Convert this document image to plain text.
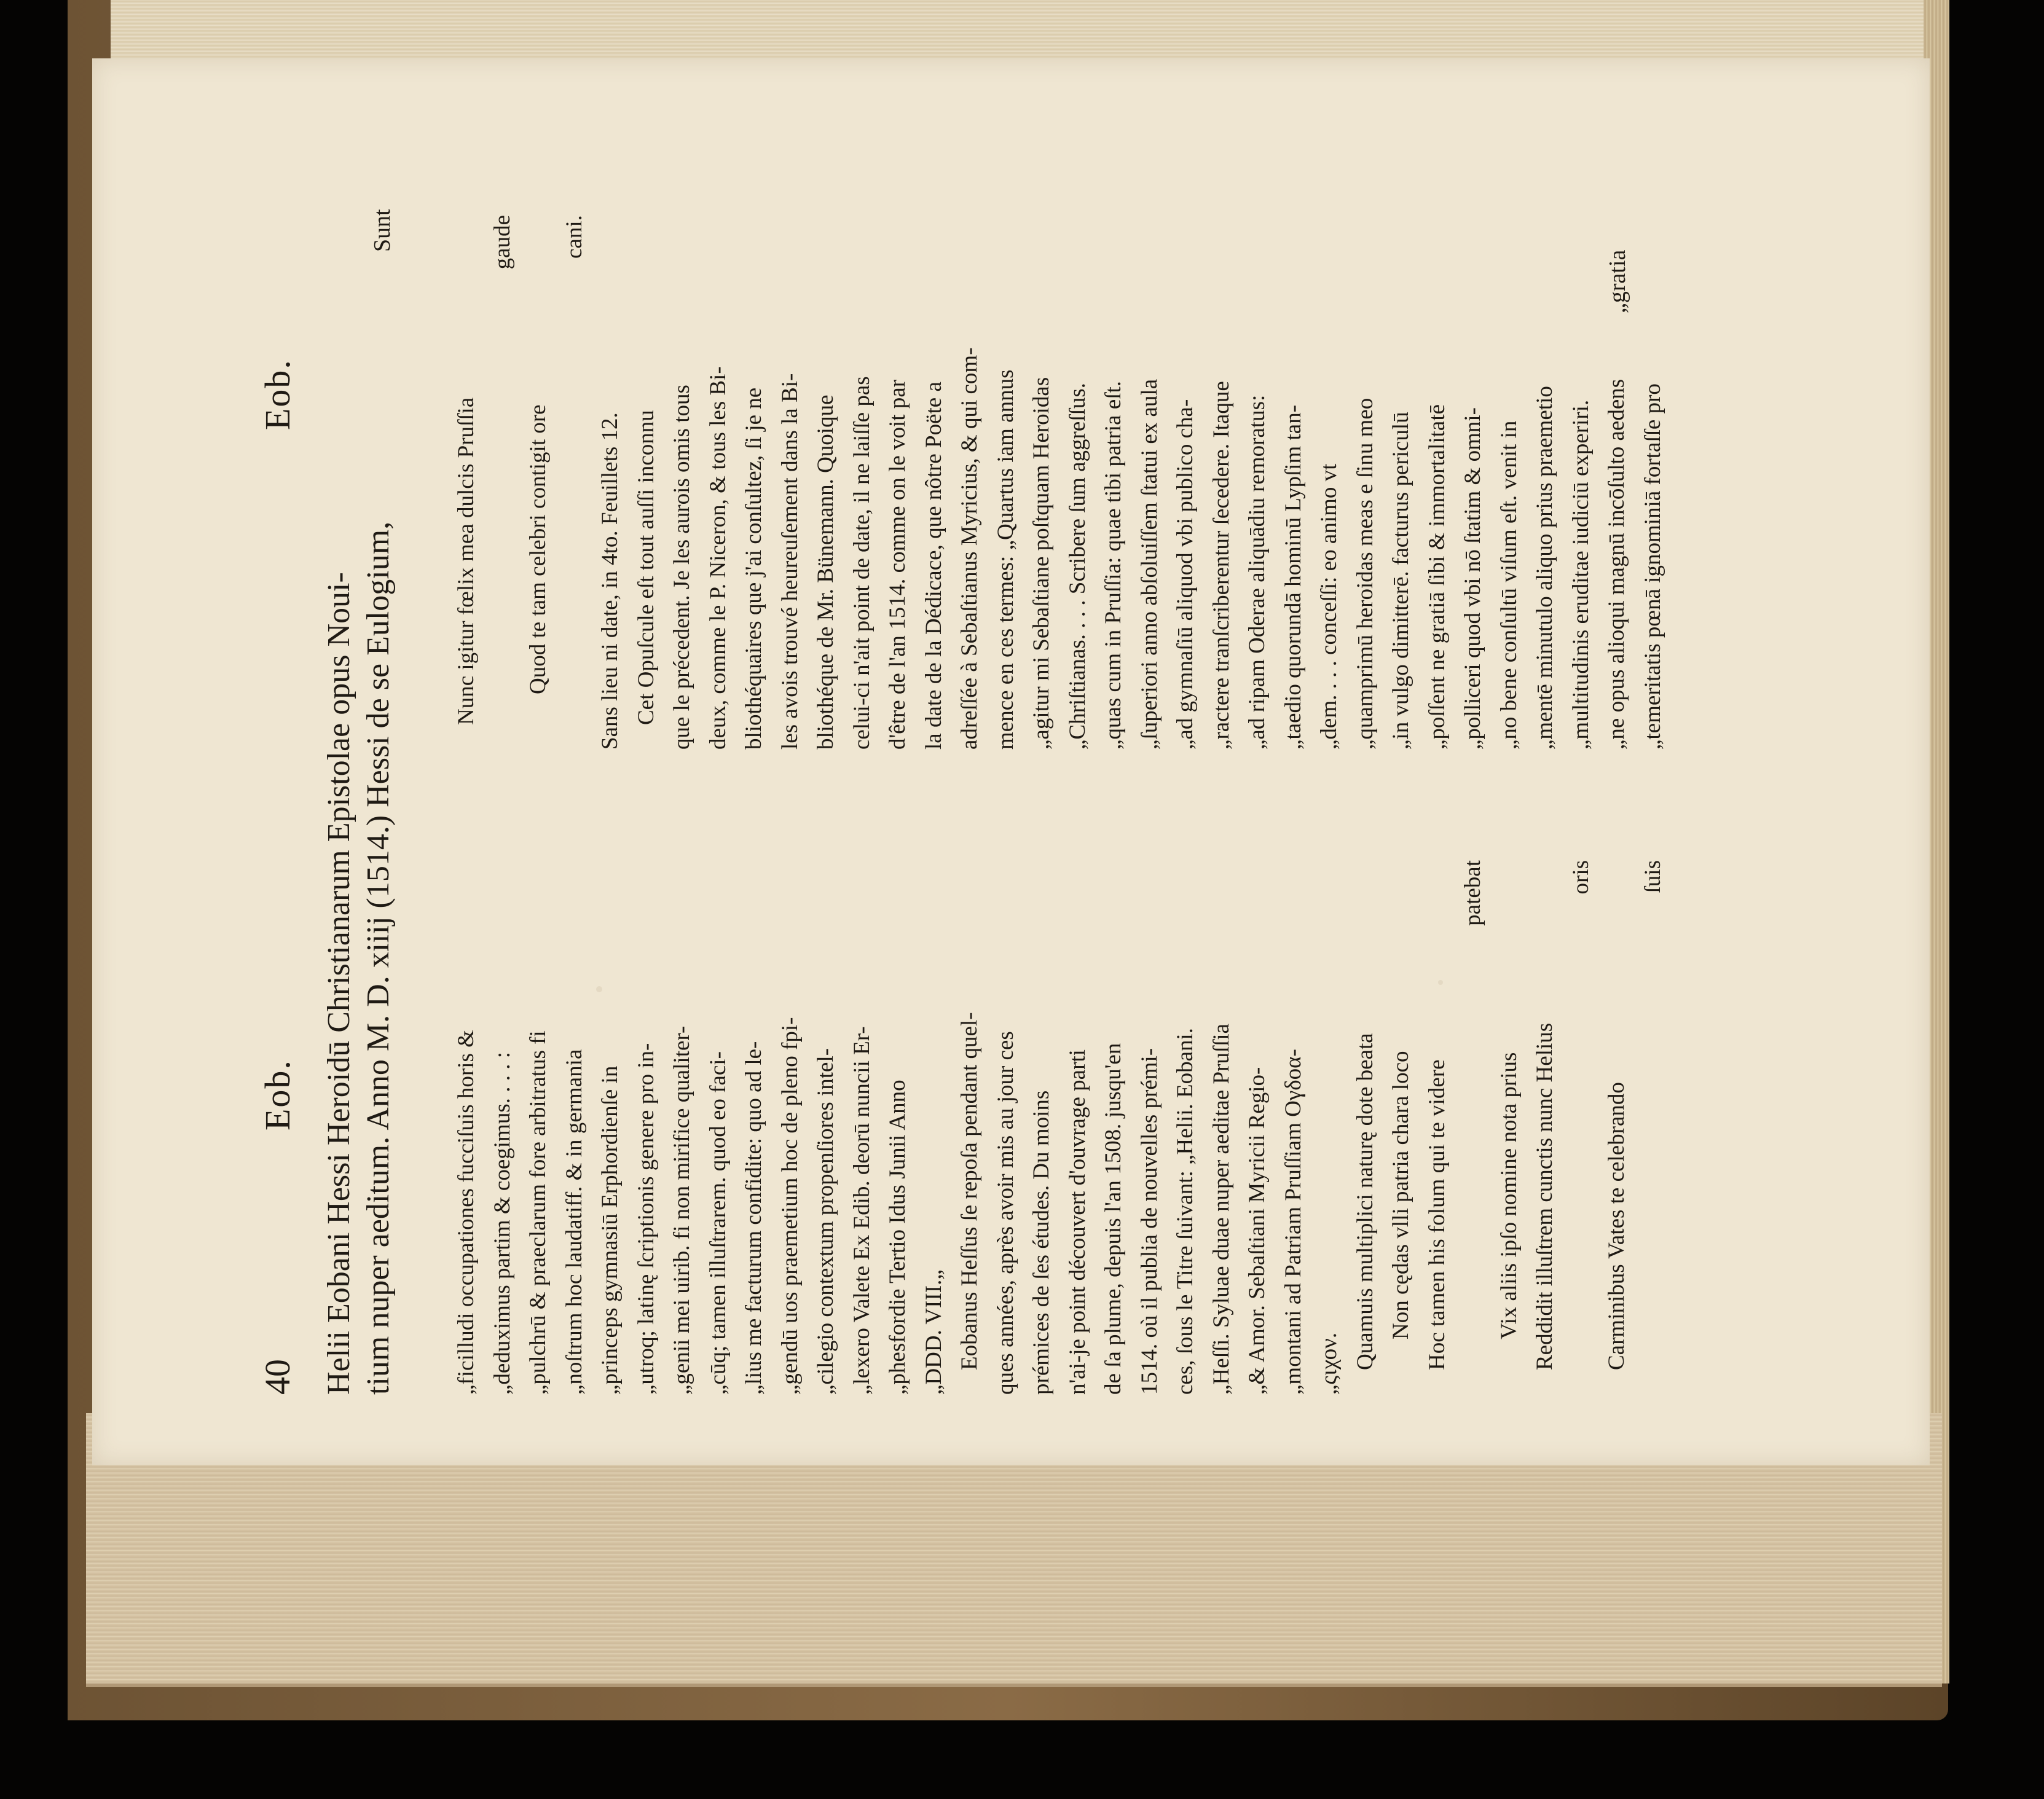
40
Eob.
Eob.
Helii Eobani Hessi Heroidū Christianarum Epistolae opus Noui- tium nuper aeditum. Anno M. D. xiiij (1514.) Hessi de se Eulogium,
Sunt
„ficilludi occupationes fucciſuis horis & „deduximus partim & coegimus. . . . : „pulchrū & praeclarum fore arbitratus fi „noſtrum hoc laudatiff. & in germania „princeps gymnasiū Erphordienſe in „utroq; latinę ſcriptionis genere pro in- „genii mei uirib. fi non mirifice qualiter- „cūq; tamen illuſtrarem. quod eo faci- „lius me facturum confidite: quo ad le- „gendū uos praemetium hoc de pleno fpi- „cilegio contextum propenſiores intel- „lexero Valete Ex Edib. deorū nuncii Er- „phesfordie Tertio Idus Junii Anno „DDD. VIII.„ Eobanus Heſſus ſe repoſa pendant quel- ques années, après avoir mis au jour ces prémices de ſes études. Du moins n'ai-je point découvert d'ouvrage parti de ſa plume, depuis l'an 1508. jusqu'en 1514. où il publia de nouvelles prémi- ces, ſous le Titre ſuivant: „Helii. Eobani. „Heſſi. Syluae duae nuper aeditae Pruſſia „& Amor. Sebaſtiani Myricii Regio- „montani ad Patriam Pruſſiam Oγδοα- „ςιχον. Quamuis multiplici naturę dote beata Non cędas vlli patria chara loco Hoc tamen his folum qui te videre
patebat
Vix aliis ipſo nomine nota prius Reddidit illuſtrem cunctis nunc Helius
oris
Carminibus Vates te celebrando
ſuis
Nunc igitur fœlix mea dulcis Pruſſia
gaude
Quod te tam celebri contigit ore
cani.
Sans lieu ni date, in 4to. Feuillets 12. Cet Opuſcule eſt tout auſſi inconnu que le précedent. Je les aurois omis tous deux, comme le P. Niceron, & tous les Bi- bliothéquaires que j'ai conſultez, ſi je ne les avois trouvé heureuſement dans la Bi- bliothéque de Mr. Bünemann. Quoique celui-ci n'ait point de date, il ne laiſſe pas d'être de l'an 1514. comme on le voit par la date de la Dédicace, que nôtre Poëte a adreſſée à Sebaſtianus Myricius, & qui com- mence en ces termes: „Quartus iam annus „agitur mi Sebaſtiane poſtquam Heroidas „Chriſtianas. . . . Scribere ſum aggreſſus. „quas cum in Pruſſia: quae tibi patria eſt. „ſuperiori anno abſoluiſſem ſtatui ex aula „ad gymnaſiū aliquod vbi publico cha- „ractere tranſcriberentur ſecedere. Itaque „ad ripam Oderae aliquādiu remoratus: „taedio quorundā hominū Lypſim tan- „dem. . . . conceſſi: eo animo vt „quamprimū heroidas meas e ſinu meo „in vulgo dimitterē. facturus periculū „poſſent ne gratiā ſibi & immortalitatē „polliceri quod vbi nō ſtatim & omni- „no bene conſultū viſum eſt. venit in „mentē minutulo aliquo prius praemetio „multitudinis eruditae iudiciū experiri. „ne opus alioqui magnū incōſulto aedens „temeritatis pœnā ignominiā fortaſſe pro
„gratia
